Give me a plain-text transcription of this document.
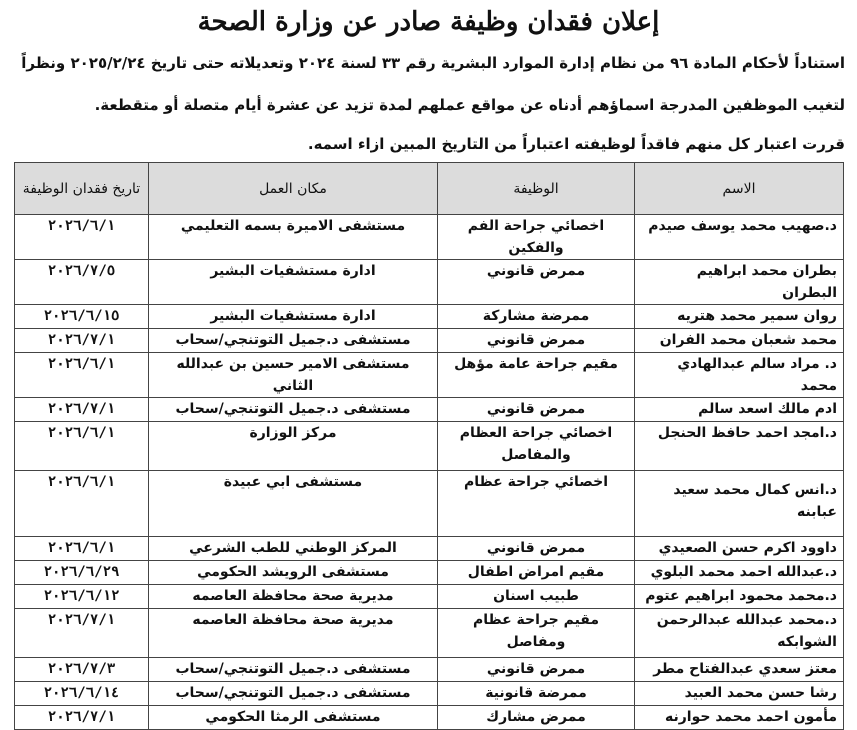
إعلان فقدان وظيفة صادر عن وزارة الصحة
استناداً لأحكام المادة ٩٦ من نظام إدارة الموارد البشرية رقم ٣٣ لسنة ٢٠٢٤ وتعديلاته حتى تاريخ ٢٠٢٥/٢/٢٤ ونظراً
لتغيب الموظفين المدرجة اسماؤهم أدناه عن مواقع عملهم لمدة تزيد عن عشرة أيام متصلة أو متقطعة.
قررت اعتبار كل منهم فاقداً لوظيفته اعتباراً من التاريخ المبين ازاء اسمه.
الاسم	الوظيفة	مكان العمل	تاريخ فقدان الوظيفة
د.صهيب محمد يوسف صيدم	اخصائي جراحة الفم والفكين	مستشفى الاميرة بسمه التعليمي	٢٠٢٦/٦/١
بطران محمد ابراهيم البطران	ممرض قانوني	ادارة مستشفيات البشير	٢٠٢٦/٧/٥
روان سمير محمد هتريه	ممرضة مشاركة	ادارة مستشفيات البشير	٢٠٢٦/٦/١٥
محمد شعبان محمد الفران	ممرض قانوني	مستشفى د.جميل التوتنجي/سحاب	٢٠٢٦/٧/١
د. مراد سالم عبدالهادي محمد	مقيم جراحة عامة مؤهل	مستشفى الامير حسين بن عبدالله الثاني	٢٠٢٦/٦/١
ادم مالك اسعد سالم	ممرض قانوني	مستشفى د.جميل التوتنجي/سحاب	٢٠٢٦/٧/١
د.امجد احمد حافظ الحنجل	اخصائي جراحة العظام والمفاصل	مركز الوزارة	٢٠٢٦/٦/١
د.انس كمال محمد سعيد عبابنه	اخصائي جراحة عظام	مستشفى ابي عبيدة	٢٠٢٦/٦/١
داوود اكرم حسن الصعيدي	ممرض قانوني	المركز الوطني للطب الشرعي	٢٠٢٦/٦/١
د.عبدالله احمد محمد البلوي	مقيم امراض اطفال	مستشفى الرويشد الحكومي	٢٠٢٦/٦/٢٩
د.محمد محمود ابراهيم عتوم	طبيب اسنان	مديرية صحة محافظة العاصمه	٢٠٢٦/٦/١٢
د.محمد عبدالله عبدالرحمن الشوابكه	مقيم جراحة عظام ومفاصل	مديرية صحة محافظة العاصمه	٢٠٢٦/٧/١
معتز سعدي عبدالفتاح مطر	ممرض قانوني	مستشفى د.جميل التوتنجي/سحاب	٢٠٢٦/٧/٣
رشا حسن محمد العبيد	ممرضة قانونية	مستشفى د.جميل التوتنجي/سحاب	٢٠٢٦/٦/١٤
مأمون احمد محمد حوارنه	ممرض مشارك	مستشفى الرمثا الحكومي	٢٠٢٦/٧/١
